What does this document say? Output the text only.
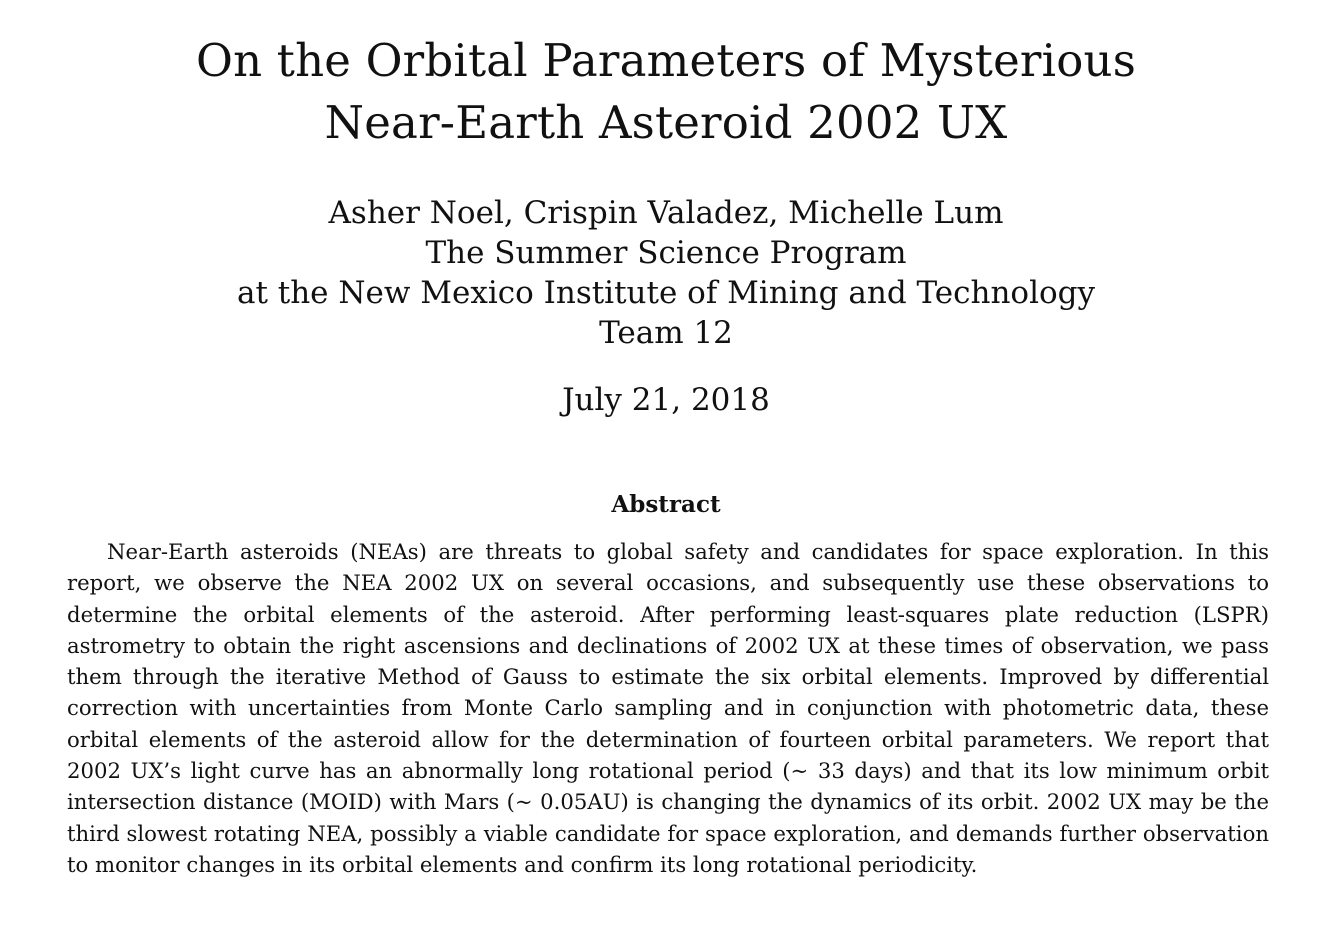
On the Orbital Parameters of Mysterious
Near-Earth Asteroid 2002 UX
Asher Noel, Crispin Valadez, Michelle Lum
The Summer Science Program
at the New Mexico Institute of Mining and Technology
Team 12
July 21, 2018
Abstract

Near-Earth asteroids (NEAs) are threats to global safety and candidates for space exploration. In this report, we observe the NEA 2002 UX on several occasions, and subsequently use these observations to determine the orbital elements of the asteroid. After performing least-squares plate reduction (LSPR) astrometry to obtain the right ascensions and declinations of 2002 UX at these times of observation, we pass them through the iterative Method of Gauss to estimate the six orbital elements. Improved by differential correction with uncertainties from Monte Carlo sampling and in conjunction with photometric data, these orbital elements of the asteroid allow for the determination of fourteen orbital parameters. We report that 2002 UX’s light curve has an abnormally long rotational period (∼ 33 days) and that its low minimum orbit intersection distance (MOID) with Mars (∼ 0.05AU) is changing the dynamics of its orbit. 2002 UX may be the third slowest rotating NEA, possibly a viable candidate for space exploration, and demands further observation to monitor changes in its orbital elements and confirm its long rotational periodicity.
